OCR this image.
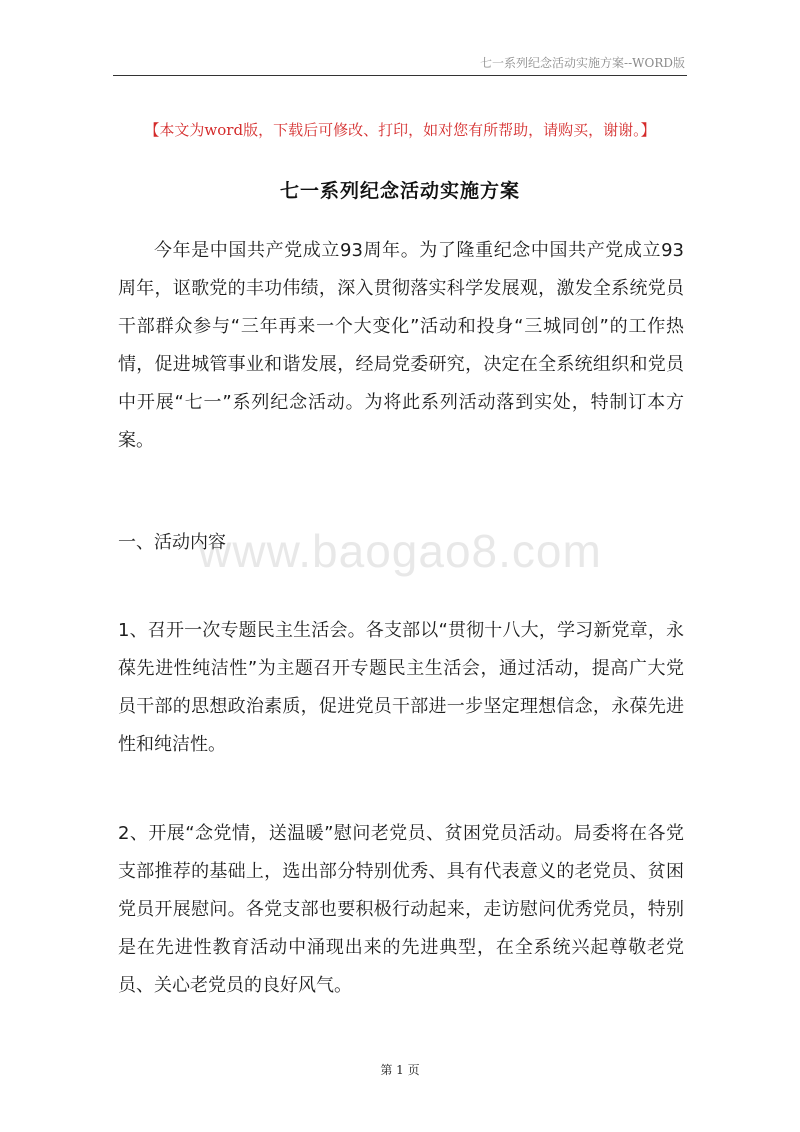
七一系列纪念活动实施方案--WORD版
【本文为word版，下载后可修改、打印，如对您有所帮助，请购买，谢谢。】
七一系列纪念活动实施方案

今年是中国共产党成立93周年。为了隆重纪念中国共产党成立93周年，讴歌党的丰功伟绩，深入贯彻落实科学发展观，激发全系统党员干部群众参与“三年再来一个大变化”活动和投身“三城同创”的工作热情，促进城管事业和谐发展，经局党委研究，决定在全系统组织和党员中开展“七一”系列纪念活动。为将此系列活动落到实处，特制订本方案。

一、活动内容

www.baogao8.com

1、召开一次专题民主生活会。各支部以“贯彻十八大，学习新党章，永葆先进性纯洁性”为主题召开专题民主生活会，通过活动，提高广大党员干部的思想政治素质，促进党员干部进一步坚定理想信念，永葆先进性和纯洁性。

2、开展“念党情，送温暖”慰问老党员、贫困党员活动。局委将在各党支部推荐的基础上，选出部分特别优秀、具有代表意义的老党员、贫困党员开展慰问。各党支部也要积极行动起来，走访慰问优秀党员，特别是在先进性教育活动中涌现出来的先进典型，在全系统兴起尊敬老党员、关心老党员的良好风气。

第 1 页
